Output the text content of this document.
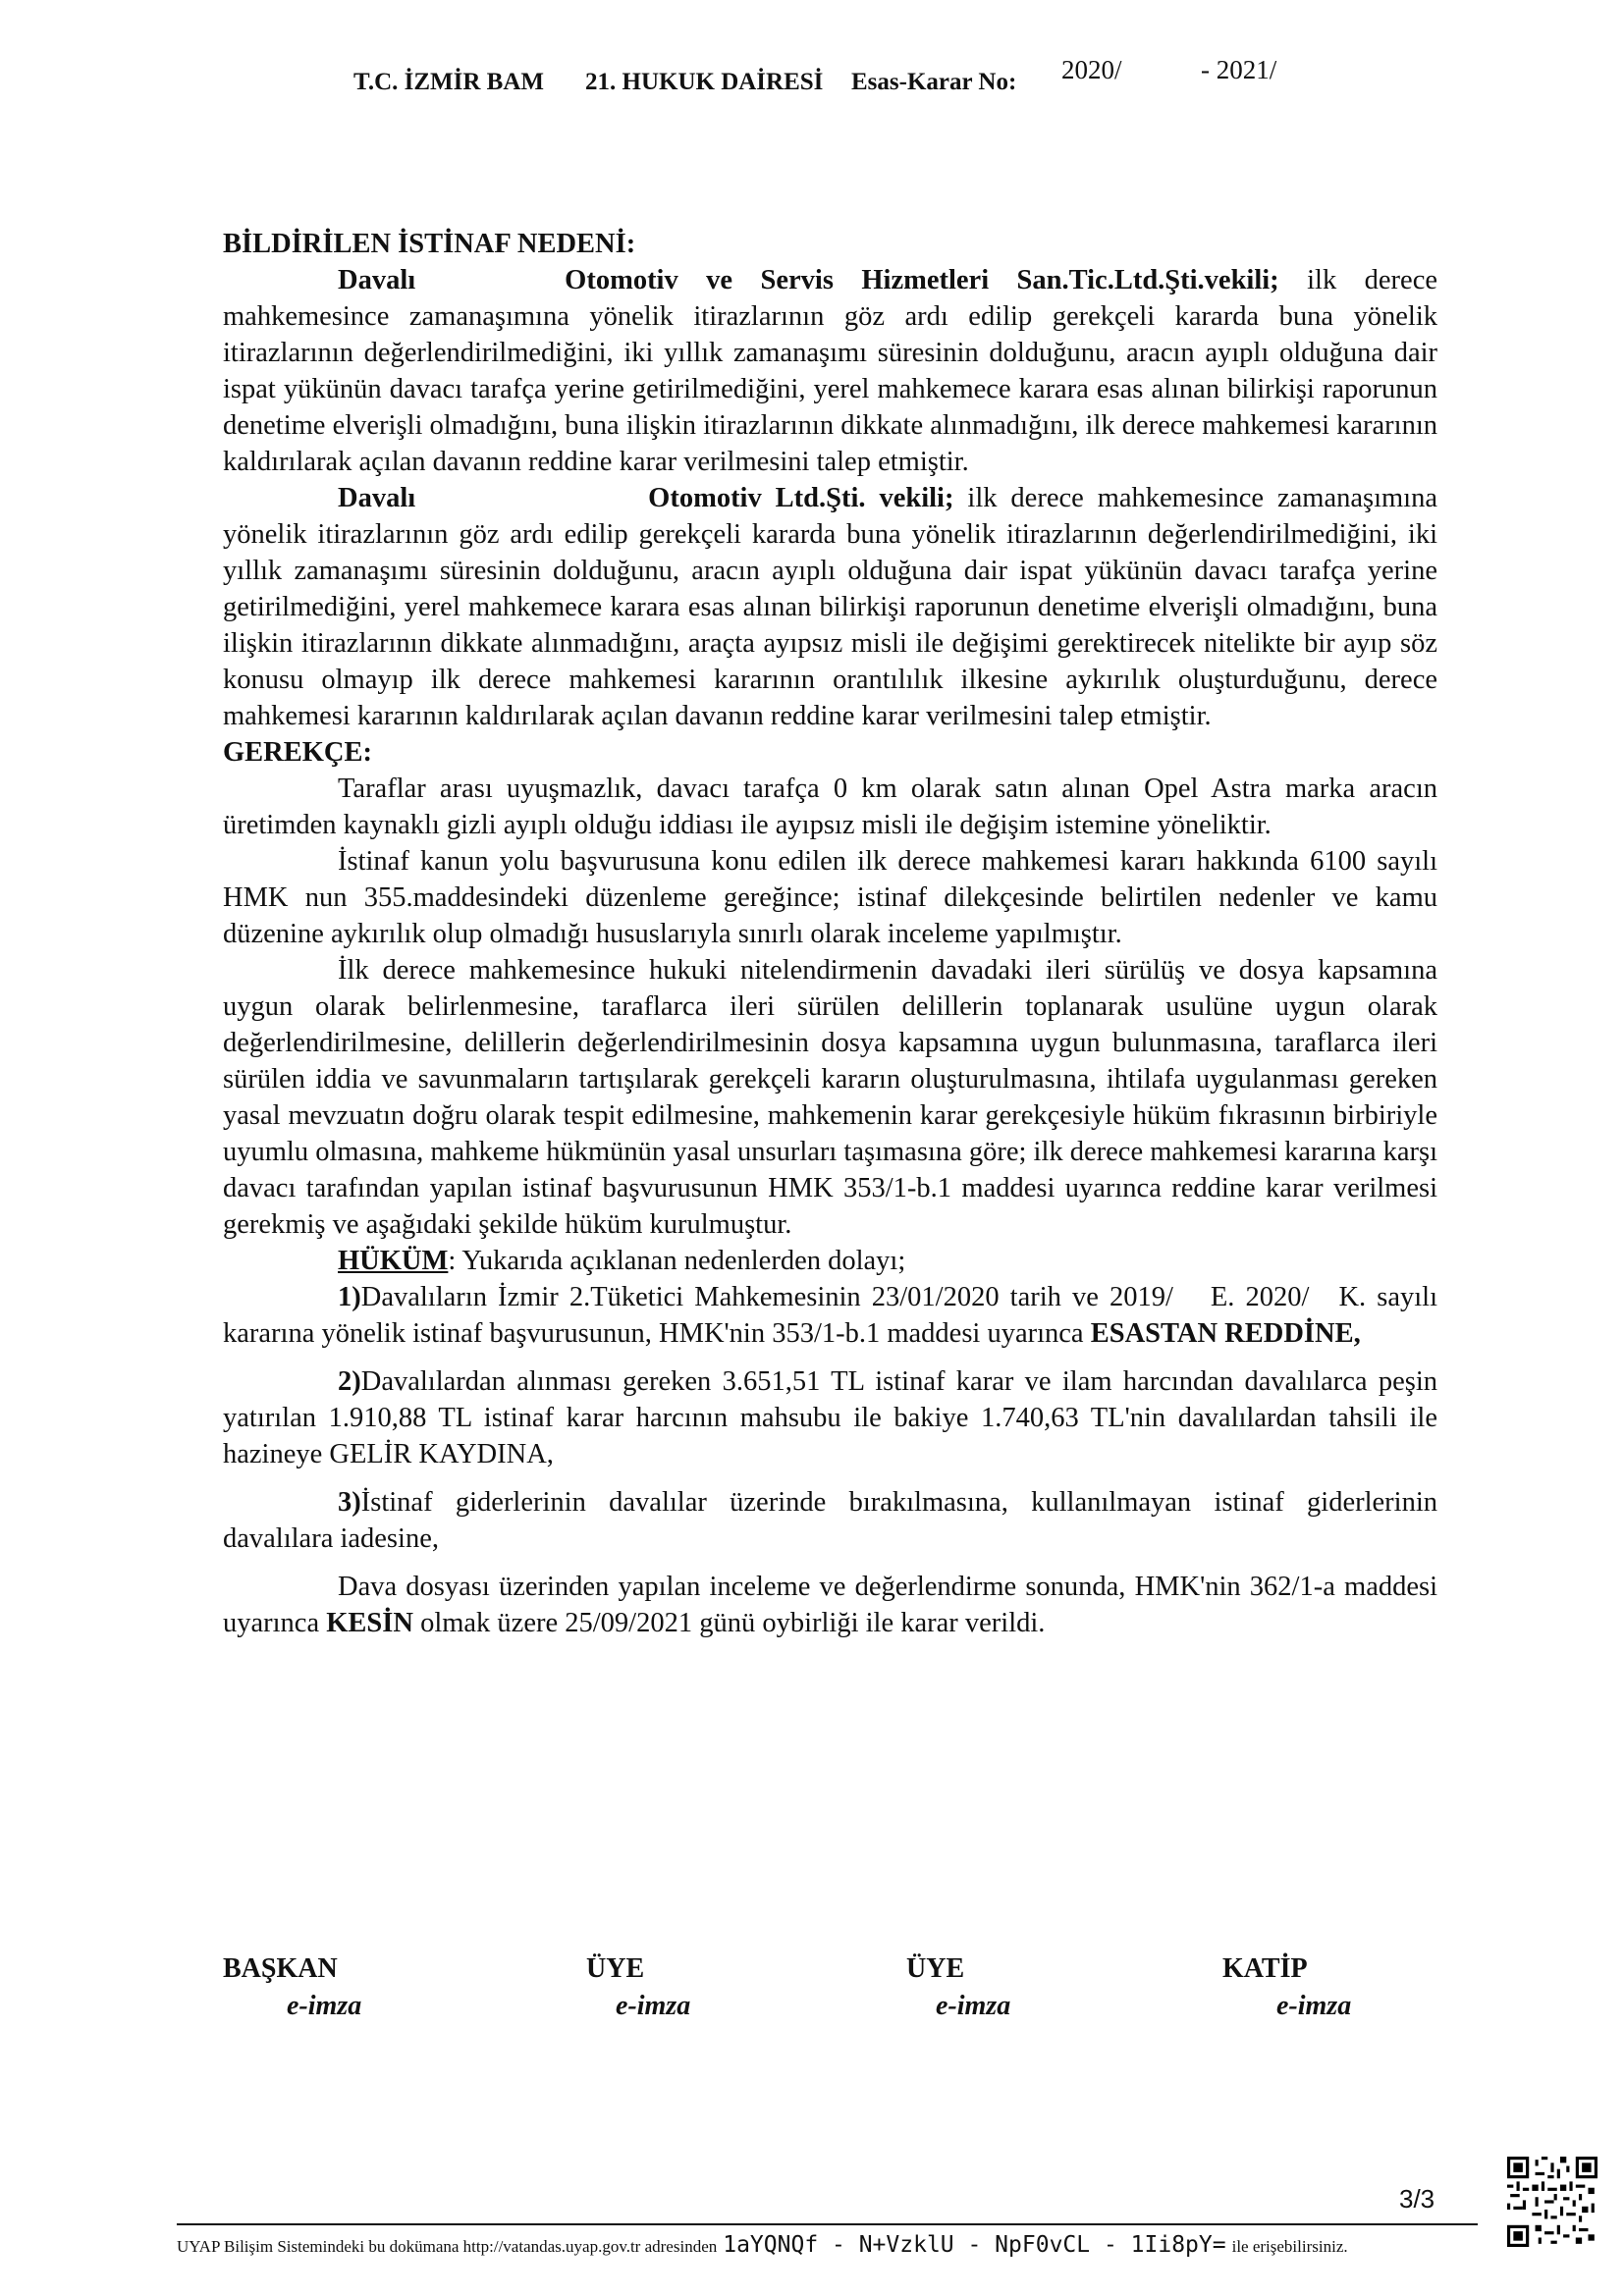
T.C. İZMİR BAM 21. HUKUK DAİRESİ Esas-Karar No: 2020/	- 2021/

BİLDİRİLEN İSTİNAF NEDENİ:

Davalı	Otomotiv ve Servis Hizmetleri San.Tic.Ltd.Şti.vekili; ilk derece mahkemesince zamanaşımına yönelik itirazlarının göz ardı edilip gerekçeli kararda buna yönelik itirazlarının değerlendirilmediğini, iki yıllık zamanaşımı süresinin dolduğunu, aracın ayıplı olduğuna dair ispat yükünün davacı tarafça yerine getirilmediğini, yerel mahkemece karara esas alınan bilirkişi raporunun denetime elverişli olmadığını, buna ilişkin itirazlarının dikkate alınmadığını, ilk derece mahkemesi kararının kaldırılarak açılan davanın reddine karar verilmesini talep etmiştir.

Davalı	Otomotiv Ltd.Şti. vekili; ilk derece mahkemesince zamanaşımına yönelik itirazlarının göz ardı edilip gerekçeli kararda buna yönelik itirazlarının değerlendirilmediğini, iki yıllık zamanaşımı süresinin dolduğunu, aracın ayıplı olduğuna dair ispat yükünün davacı tarafça yerine getirilmediğini, yerel mahkemece karara esas alınan bilirkişi raporunun denetime elverişli olmadığını, buna ilişkin itirazlarının dikkate alınmadığını, araçta ayıpsız misli ile değişimi gerektirecek nitelikte bir ayıp söz konusu olmayıp ilk derece mahkemesi kararının orantılılık ilkesine aykırılık oluşturduğunu, derece mahkemesi kararının kaldırılarak açılan davanın reddine karar verilmesini talep etmiştir.

GEREKÇE:

Taraflar arası uyuşmazlık, davacı tarafça 0 km olarak satın alınan Opel Astra marka aracın üretimden kaynaklı gizli ayıplı olduğu iddiası ile ayıpsız misli ile değişim istemine yöneliktir.

İstinaf kanun yolu başvurusuna konu edilen ilk derece mahkemesi kararı hakkında 6100 sayılı HMK nun 355.maddesindeki düzenleme gereğince; istinaf dilekçesinde belirtilen nedenler ve kamu düzenine aykırılık olup olmadığı hususlarıyla sınırlı olarak inceleme yapılmıştır.

İlk derece mahkemesince hukuki nitelendirmenin davadaki ileri sürülüş ve dosya kapsamına uygun olarak belirlenmesine, taraflarca ileri sürülen delillerin toplanarak usulüne uygun olarak değerlendirilmesine, delillerin değerlendirilmesinin dosya kapsamına uygun bulunmasına, taraflarca ileri sürülen iddia ve savunmaların tartışılarak gerekçeli kararın oluşturulmasına, ihtilafa uygulanması gereken yasal mevzuatın doğru olarak tespit edilmesine, mahkemenin karar gerekçesiyle hüküm fıkrasının birbiriyle uyumlu olmasına, mahkeme hükmünün yasal unsurları taşımasına göre; ilk derece mahkemesi kararına karşı davacı tarafından yapılan istinaf başvurusunun HMK 353/1-b.1 maddesi uyarınca reddine karar verilmesi gerekmiş ve aşağıdaki şekilde hüküm kurulmuştur.

HÜKÜM: Yukarıda açıklanan nedenlerden dolayı;

1)Davalıların İzmir 2.Tüketici Mahkemesinin 23/01/2020 tarih ve 2019/ E. 2020/ K. sayılı kararına yönelik istinaf başvurusunun, HMK'nin 353/1-b.1 maddesi uyarınca ESASTAN REDDİNE,

2)Davalılardan alınması gereken 3.651,51 TL istinaf karar ve ilam harcından davalılarca peşin yatırılan 1.910,88 TL istinaf karar harcının mahsubu ile bakiye 1.740,63 TL'nin davalılardan tahsili ile hazineye GELİR KAYDINA,

3)İstinaf giderlerinin davalılar üzerinde bırakılmasına, kullanılmayan istinaf giderlerinin davalılara iadesine,

Dava dosyası üzerinden yapılan inceleme ve değerlendirme sonunda, HMK'nin 362/1-a maddesi uyarınca KESİN olmak üzere 25/09/2021 günü oybirliği ile karar verildi.

BAŞKAN
e-imza
ÜYE
e-imza
ÜYE
e-imza
KATİP
e-imza
3/3
UYAP Bilişim Sistemindeki bu dokümana http://vatandas.uyap.gov.tr adresinden 1aYQNQf - N+VzklU - NpF0vCL - 1Ii8pY= ile erişebilirsiniz.
